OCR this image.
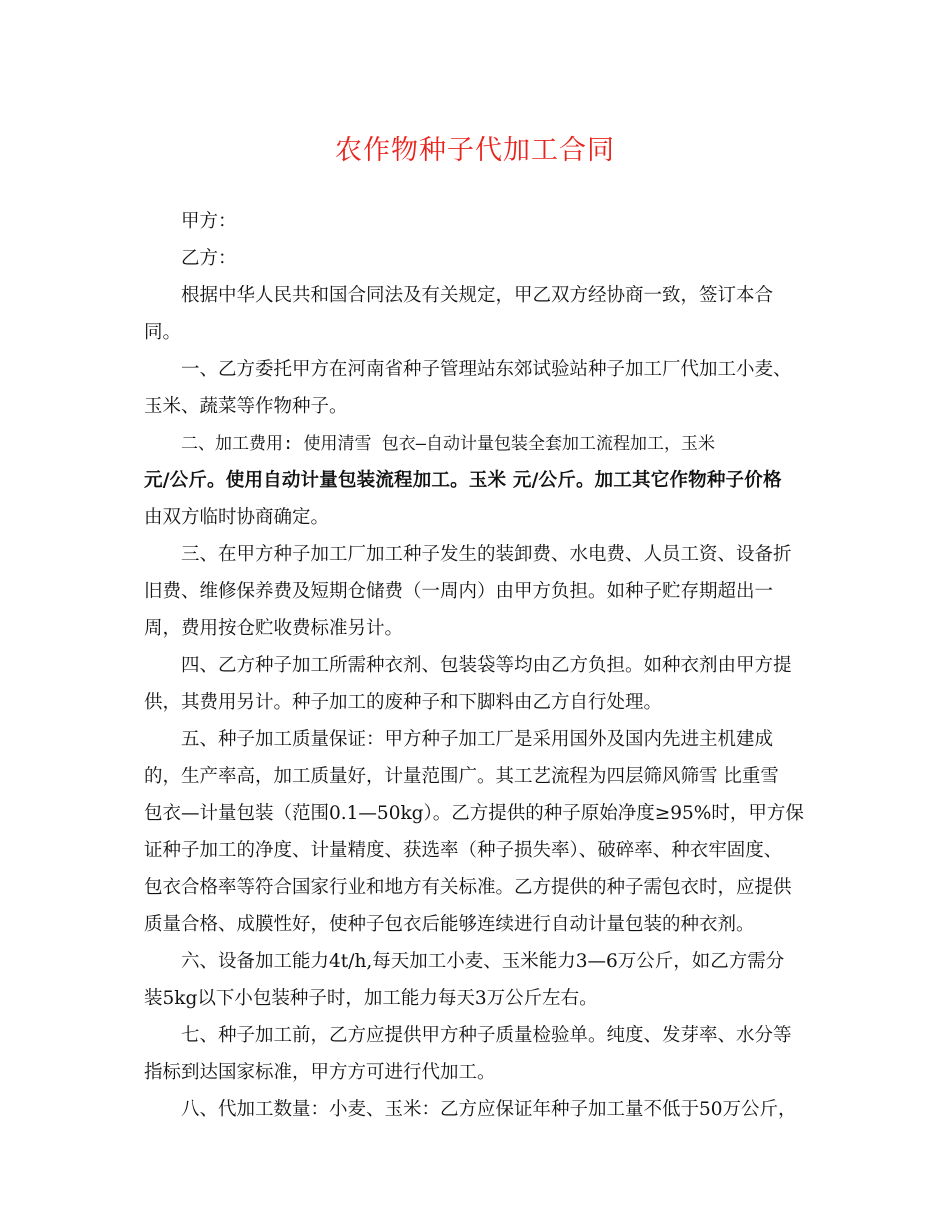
农作物种子代加工合同
甲方：
乙方：
根据中华人民共和国合同法及有关规定，甲乙双方经协商一致，签订本合
同。
一、乙方委托甲方在河南省种子管理站东郊试验站种子加工厂代加工小麦、
玉米、蔬菜等作物种子。
二、加工费用: 使用清雪 包衣—自动计量包装全套加工流程加工，玉米
元/公斤。使用自动计量包装流程加工。玉米 元/公斤。加工其它作物种子价格
由双方临时协商确定。
三、在甲方种子加工厂加工种子发生的装卸费、水电费、人员工资、设备折
旧费、维修保养费及短期仓储费（一周内）由甲方负担。如种子贮存期超出一
周，费用按仓贮收费标准另计。
四、乙方种子加工所需种衣剂、包装袋等均由乙方负担。如种衣剂由甲方提
供，其费用另计。种子加工的废种子和下脚料由乙方自行处理。
五、种子加工质量保证：甲方种子加工厂是采用国外及国内先进主机建成
的，生产率高，加工质量好，计量范围广。其工艺流程为四层筛风筛雪 比重雪
包衣—计量包装（范围0.1—50kg）。乙方提供的种子原始净度≥95%时，甲方保
证种子加工的净度、计量精度、获选率（种子损失率）、破碎率、种衣牢固度、
包衣合格率等符合国家行业和地方有关标准。乙方提供的种子需包衣时，应提供
质量合格、成膜性好，使种子包衣后能够连续进行自动计量包装的种衣剂。
六、设备加工能力4t/h,每天加工小麦、玉米能力3—6万公斤，如乙方需分
装5kg以下小包装种子时，加工能力每天3万公斤左右。
七、种子加工前，乙方应提供甲方种子质量检验单。纯度、发芽率、水分等
指标到达国家标准，甲方方可进行代加工。
八、代加工数量：小麦、玉米：乙方应保证年种子加工量不低于50万公斤，
